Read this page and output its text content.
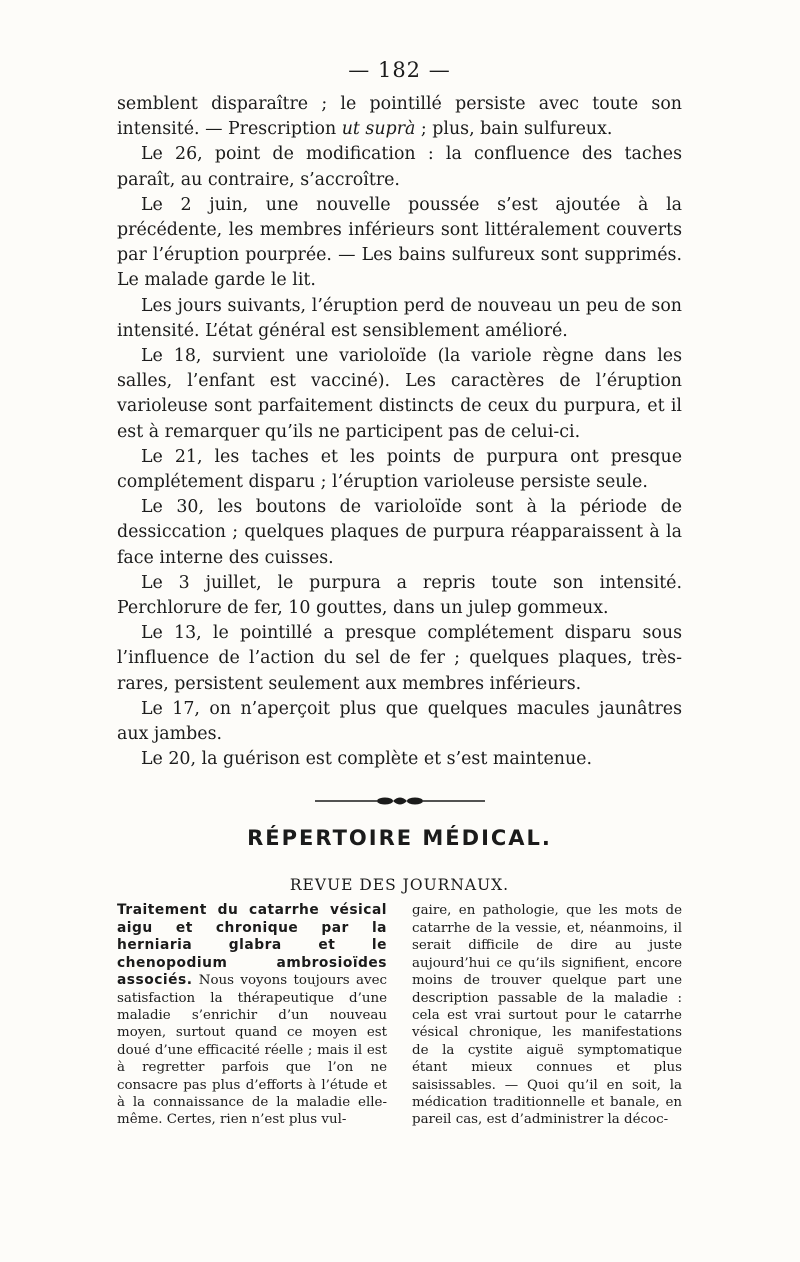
— 182 —

semblent disparaître ; le pointillé persiste avec toute son intensité. — Prescription ut suprà ; plus, bain sulfureux.

Le 26, point de modification : la confluence des taches paraît, au contraire, s’accroître.

Le 2 juin, une nouvelle poussée s’est ajoutée à la précédente, les membres inférieurs sont littéralement couverts par l’éruption pourprée. — Les bains sulfureux sont supprimés. Le malade garde le lit.

Les jours suivants, l’éruption perd de nouveau un peu de son intensité. L’état général est sensiblement amélioré.

Le 18, survient une varioloïde (la variole règne dans les salles, l’enfant est vacciné). Les caractères de l’éruption varioleuse sont parfaitement distincts de ceux du purpura, et il est à remarquer qu’ils ne participent pas de celui-ci.

Le 21, les taches et les points de purpura ont presque complétement disparu ; l’éruption varioleuse persiste seule.

Le 30, les boutons de varioloïde sont à la période de dessiccation ; quelques plaques de purpura réapparaissent à la face interne des cuisses.

Le 3 juillet, le purpura a repris toute son intensité. Perchlorure de fer, 10 gouttes, dans un julep gommeux.

Le 13, le pointillé a presque complétement disparu sous l’influence de l’action du sel de fer ; quelques plaques, très-rares, persistent seulement aux membres inférieurs.

Le 17, on n’aperçoit plus que quelques macules jaunâtres aux jambes.

Le 20, la guérison est complète et s’est maintenue.

RÉPERTOIRE MÉDICAL.
REVUE DES JOURNAUX.
Traitement du catarrhe vésical aigu et chronique par la herniaria glabra et le chenopodium ambrosioïdes associés. Nous voyons toujours avec satisfaction la thérapeutique d’une maladie s’enrichir d’un nouveau moyen, surtout quand ce moyen est doué d’une efficacité réelle ; mais il est à regretter parfois que l’on ne consacre pas plus d’efforts à l’étude et à la connaissance de la maladie elle-même. Certes, rien n’est plus vul-
gaire, en pathologie, que les mots de catarrhe de la vessie, et, néanmoins, il serait difficile de dire au juste aujourd’hui ce qu’ils signifient, encore moins de trouver quelque part une description passable de la maladie : cela est vrai surtout pour le catarrhe vésical chronique, les manifestations de la cystite aiguë symptomatique étant mieux connues et plus saisissables. — Quoi qu’il en soit, la médication traditionnelle et banale, en pareil cas, est d’administrer la décoc-
